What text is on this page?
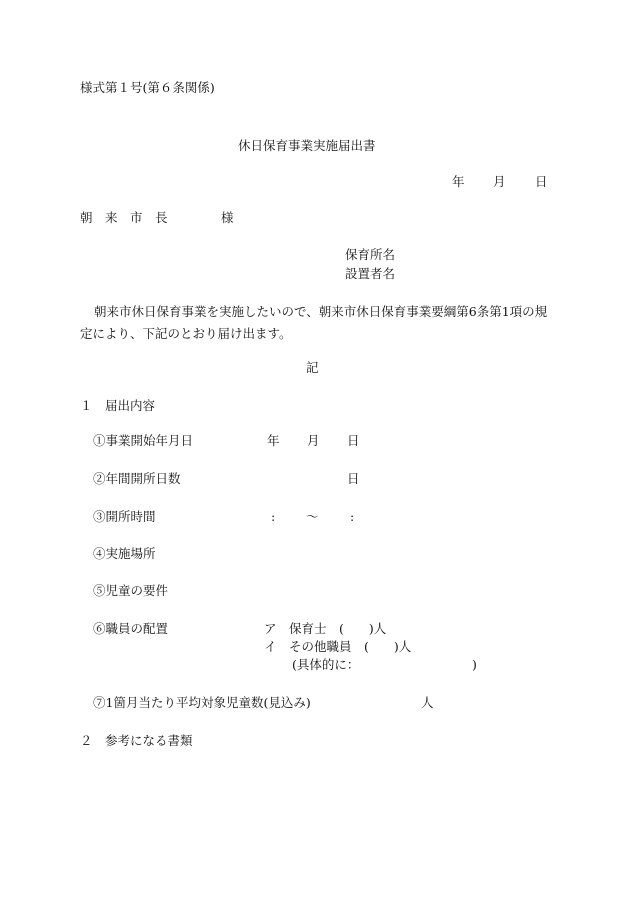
様式第１号(第６条関係)
休日保育事業実施届出書
年 月 日
朝　来　市　長	様
保育所名
設置者名
朝来市休日保育事業を実施したいので、朝来市休日保育事業要綱第6条第1項の規定により、下記のとおり届け出ます。
記
１　届出内容
①事業開始年月日	年 月 日
②年間開所日数	日
③開所時間	: ～	:
④実施場所
⑤児童の要件
⑥職員の配置	ア　保育士　(　　)人
イ　その他職員　(　　)人
(具体的に：	)
⑦1箇月当たり平均対象児童数(見込み)	人
２　参考になる書類
